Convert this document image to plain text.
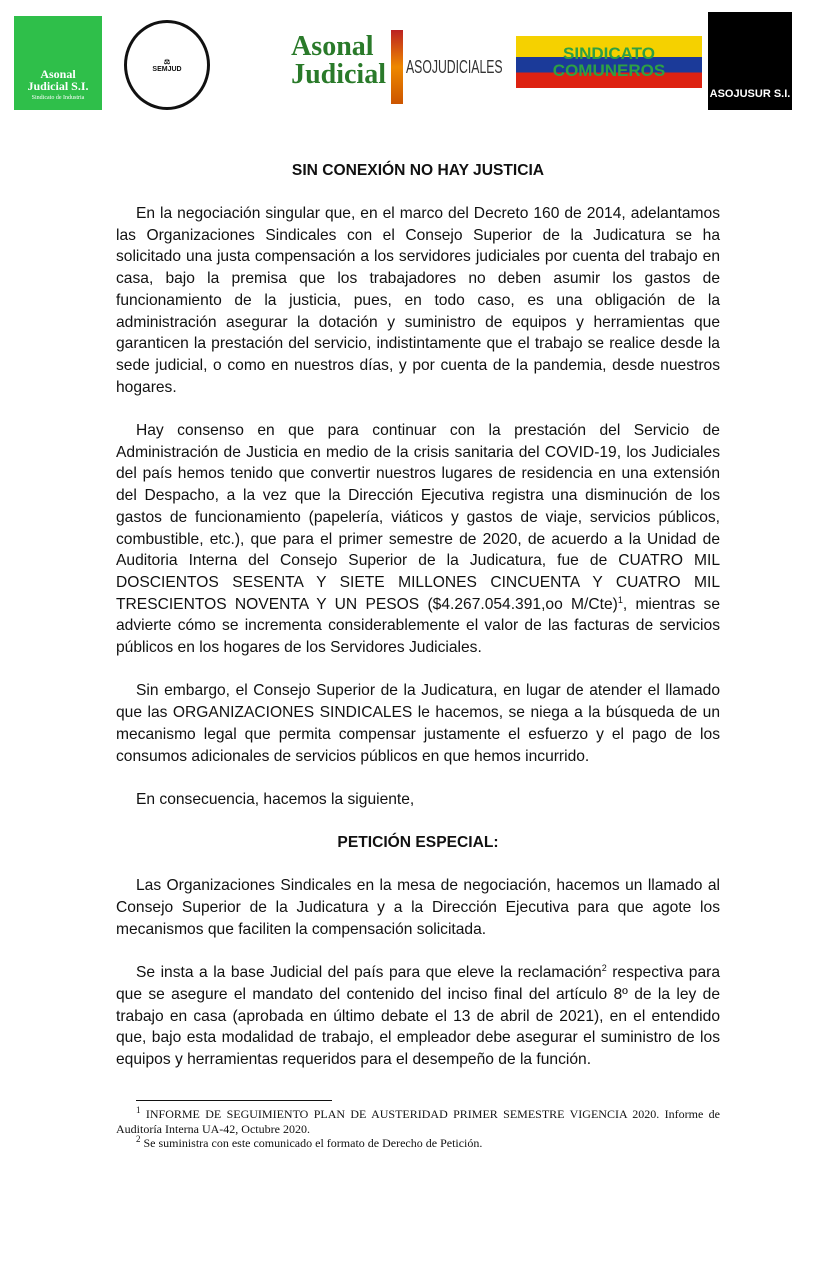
Asonal
Judicial S.I.
Sindicato de Industria
⚖
SEMJUD
Asonal
Judicial ASOJUDICIALES
SINDICATO
COMUNEROS
ASOJUSUR S.I.
SIN CONEXIÓN NO HAY JUSTICIA

En la negociación singular que, en el marco del Decreto 160 de 2014, adelantamos las Organizaciones Sindicales con el Consejo Superior de la Judicatura se ha solicitado una justa compensación a los servidores judiciales por cuenta del trabajo en casa, bajo la premisa que los trabajadores no deben asumir los gastos de funcionamiento de la justicia, pues, en todo caso, es una obligación de la administración asegurar la dotación y suministro de equipos y herramientas que garanticen la prestación del servicio, indistintamente que el trabajo se realice desde la sede judicial, o como en nuestros días, y por cuenta de la pandemia, desde nuestros hogares.

Hay consenso en que para continuar con la prestación del Servicio de Administración de Justicia en medio de la crisis sanitaria del COVID-19, los Judiciales del país hemos tenido que convertir nuestros lugares de residencia en una extensión del Despacho, a la vez que la Dirección Ejecutiva registra una disminución de los gastos de funcionamiento (papelería, viáticos y gastos de viaje, servicios públicos, combustible, etc.), que para el primer semestre de 2020, de acuerdo a la Unidad de Auditoria Interna del Consejo Superior de la Judicatura, fue de CUATRO MIL DOSCIENTOS SESENTA Y SIETE MILLONES CINCUENTA Y CUATRO MIL TRESCIENTOS NOVENTA Y UN PESOS ($4.267.054.391,oo M/Cte)$^1$, mientras se advierte cómo se incrementa considerablemente el valor de las facturas de servicios públicos en los hogares de los Servidores Judiciales.

Sin embargo, el Consejo Superior de la Judicatura, en lugar de atender el llamado que las ORGANIZACIONES SINDICALES le hacemos, se niega a la búsqueda de un mecanismo legal que permita compensar justamente el esfuerzo y el pago de los consumos adicionales de servicios públicos en que hemos incurrido.

En consecuencia, hacemos la siguiente,

PETICIÓN ESPECIAL:

Las Organizaciones Sindicales en la mesa de negociación, hacemos un llamado al Consejo Superior de la Judicatura y a la Dirección Ejecutiva para que agote los mecanismos que faciliten la compensación solicitada.

Se insta a la base Judicial del país para que eleve la reclamación$^2$ respectiva para que se asegure el mandato del contenido del inciso final del artículo 8º de la ley de trabajo en casa (aprobada en último debate el 13 de abril de 2021), en el entendido que, bajo esta modalidad de trabajo, el empleador debe asegurar el suministro de los equipos y herramientas requeridos para el desempeño de la función.

$^1$ INFORME DE SEGUIMIENTO PLAN DE AUSTERIDAD PRIMER SEMESTRE VIGENCIA 2020. Informe de Auditoría Interna UA-42, Octubre 2020.
$^2$ Se suministra con este comunicado el formato de Derecho de Petición.
